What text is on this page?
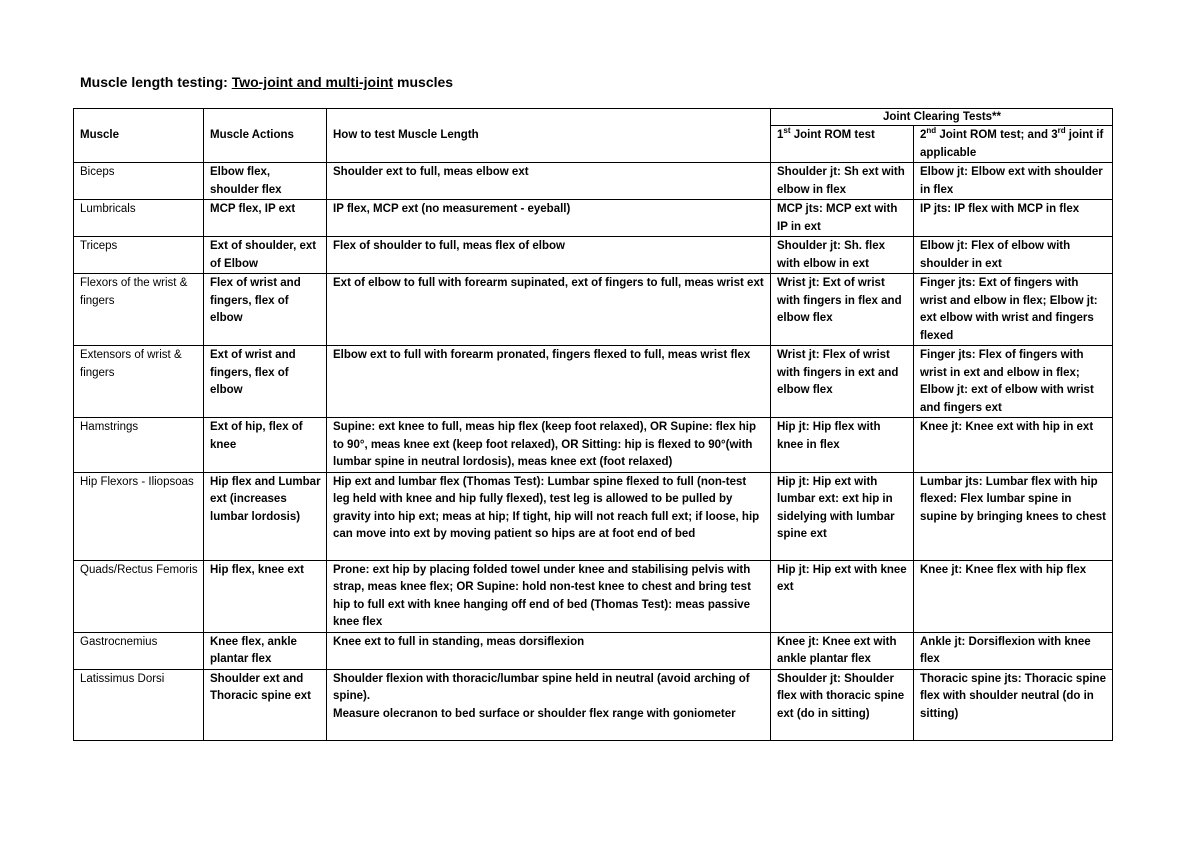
Muscle length testing: Two-joint and multi-joint muscles
Muscle	Muscle Actions	How to test Muscle Length	Joint Clearing Tests**	
			1st Joint ROM test	2nd Joint ROM test; and 3rd joint if applicable
Biceps	Elbow flex, shoulder flex	Shoulder ext to full, meas elbow ext	Shoulder jt: Sh ext with elbow in flex	Elbow jt: Elbow ext with shoulder in flex
Lumbricals	MCP flex, IP ext	IP flex, MCP ext (no measurement - eyeball)	MCP jts: MCP ext with IP in ext	IP jts: IP flex with MCP in flex
Triceps	Ext of shoulder, ext of Elbow	Flex of shoulder to full, meas flex of elbow	Shoulder jt: Sh. flex with elbow in ext	Elbow jt: Flex of elbow with shoulder in ext
Flexors of the wrist & fingers	Flex of wrist and fingers, flex of elbow	Ext of elbow to full with forearm supinated, ext of fingers to full, meas wrist ext	Wrist jt: Ext of wrist with fingers in flex and elbow flex	Finger jts: Ext of fingers with wrist and elbow in flex; Elbow jt: ext elbow with wrist and fingers flexed
Extensors of wrist & fingers	Ext of wrist and fingers, flex of elbow	Elbow ext to full with forearm pronated, fingers flexed to full, meas wrist flex	Wrist jt: Flex of wrist with fingers in ext and elbow flex	Finger jts: Flex of fingers with wrist in ext and elbow in flex; Elbow jt: ext of elbow with wrist and fingers ext
Hamstrings	Ext of hip, flex of knee	Supine: ext knee to full, meas hip flex (keep foot relaxed), OR Supine: flex hip to 90°, meas knee ext (keep foot relaxed), OR Sitting: hip is flexed to 90°(with lumbar spine in neutral lordosis), meas knee ext (foot relaxed)	Hip jt: Hip flex with knee in flex	Knee jt: Knee ext with hip in ext
Hip Flexors - Iliopsoas	Hip flex and Lumbar ext (increases lumbar lordosis)	Hip ext and lumbar flex (Thomas Test): Lumbar spine flexed to full (non-test leg held with knee and hip fully flexed), test leg is allowed to be pulled by gravity into hip ext; meas at hip; If tight, hip will not reach full ext; if loose, hip can move into ext by moving patient so hips are at foot end of bed	Hip jt: Hip ext with lumbar ext: ext hip in sidelying with lumbar spine ext	Lumbar jts: Lumbar flex with hip flexed: Flex lumbar spine in supine by bringing knees to chest
Quads/Rectus Femoris	Hip flex, knee ext	Prone: ext hip by placing folded towel under knee and stabilising pelvis with strap, meas knee flex; OR Supine: hold non-test knee to chest and bring test hip to full ext with knee hanging off end of bed (Thomas Test): meas passive knee flex	Hip jt: Hip ext with knee ext	Knee jt: Knee flex with hip flex
Gastrocnemius	Knee flex, ankle plantar flex	Knee ext to full in standing, meas dorsiflexion	Knee jt: Knee ext with ankle plantar flex	Ankle jt: Dorsiflexion with knee flex
Latissimus Dorsi	Shoulder ext and Thoracic spine ext	Shoulder flexion with thoracic/lumbar spine held in neutral (avoid arching of spine).
Measure olecranon to bed surface or shoulder flex range with goniometer	Shoulder jt: Shoulder flex with thoracic spine ext (do in sitting)	Thoracic spine jts: Thoracic spine flex with shoulder neutral (do in sitting)
